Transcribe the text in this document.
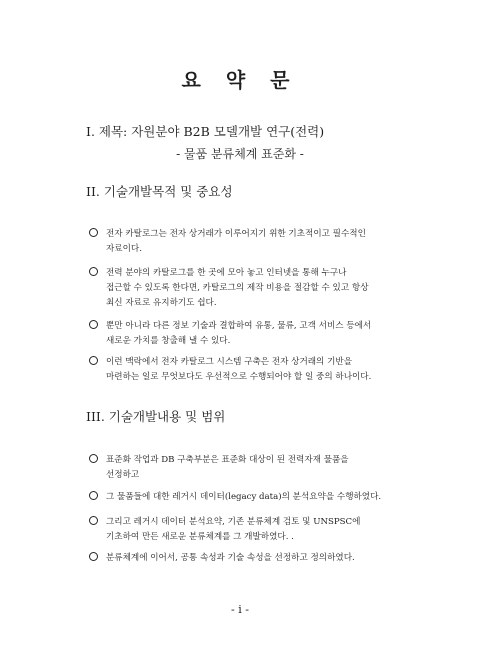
요 약 문
I. 제목: 자원분야 B2B 모델개발 연구(전력)
- 물품 분류체계 표준화 -
II. 기술개발목적 및 중요성
전자 카탈로그는 전자 상거래가 이루어지기 위한 기초적이고 필수적인
자료이다.
전력 분야의 카탈로그를 한 곳에 모아 놓고 인터넷을 통해 누구나
접근할 수 있도록 한다면, 카탈로그의 제작 비용을 절감할 수 있고 항상
최신 자료로 유지하기도 쉽다.
뿐만 아니라 다른 정보 기술과 결합하여 유통, 물류, 고객 서비스 등에서
새로운 가치를 창출해 낼 수 있다.
이런 맥락에서 전자 카탈로그 시스템 구축은 전자 상거래의 기반을
마련하는 일로 무엇보다도 우선적으로 수행되어야 할 일 중의 하나이다.
III. 기술개발내용 및 범위
표준화 작업과 DB 구축부분은 표준화 대상이 된 전력자재 물품을
선정하고
그 물품들에 대한 레거시 데이터(legacy data)의 분석요약을 수행하였다.
그리고 레거시 데이터 분석요약, 기존 분류체계 검토 및 UNSPSC에
기초하여 만든 새로운 분류체계를 그 개발하였다. .
분류체계에 이어서, 공통 속성과 기술 속성을 선정하고 정의하였다.
- i -
